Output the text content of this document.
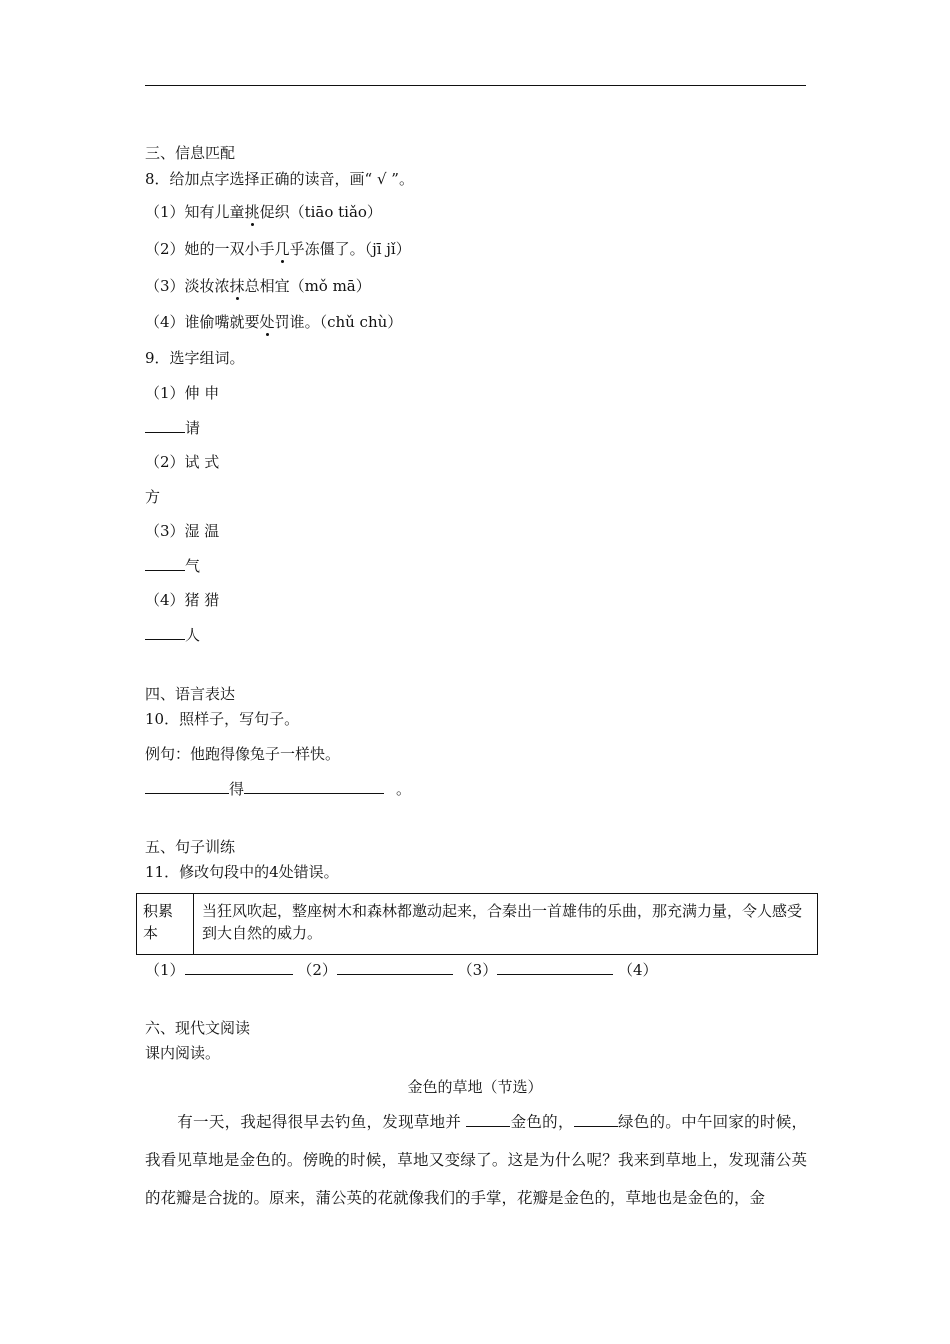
三、信息匹配
8．给加点字选择正确的读音，画“ √ ”。
（1）知有儿童挑促织（tiāo tiǎo）
（2）她的一双小手几乎冻僵了。（jī jǐ）
（3）淡妆浓抹总相宜（mǒ mā）
（4）谁偷嘴就要处罚谁。（chǔ chù）
9．选字组词。
（1）伸 申
请
（2）试 式
方
（3）湿 温
气
（4）猪 猎
人
四、语言表达
10．照样子，写句子。
例句：他跑得像兔子一样快。
得	。
五、句子训练
11．修改句段中的4处错误。
积累本	当狂风吹起，整座树木和森林都邀动起来，合秦出一首雄伟的乐曲，那充满力量，令人感受到大自然的威力。
（1）	（2）	（3）	（4）
六、现代文阅读
课内阅读。
金色的草地（节选）
有一天，我起得很早去钓鱼，发现草地并	金色的，	绿色的。中午回家的时候，我看见草地是金色的。傍晚的时候，草地又变绿了。这是为什么呢？我来到草地上，发现蒲公英的花瓣是合拢的。原来，蒲公英的花就像我们的手掌，花瓣是金色的，草地也是金色的，金
